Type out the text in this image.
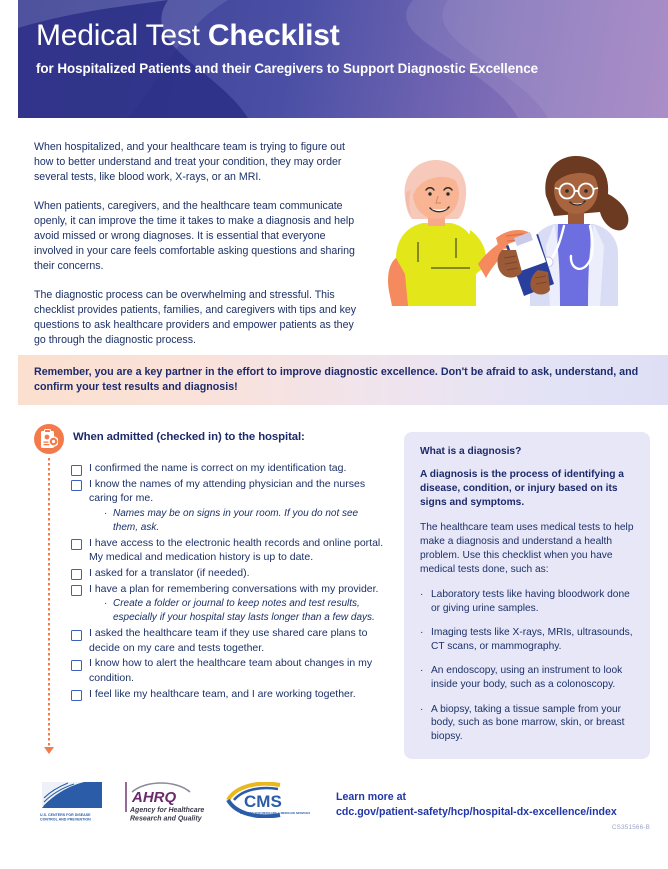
Medical Test Checklist
for Hospitalized Patients and their Caregivers to Support Diagnostic Excellence

When hospitalized, and your healthcare team is trying to figure out how to better understand and treat your condition, they may order several tests, like blood work, X-rays, or an MRI.

When patients, caregivers, and the healthcare team communicate openly, it can improve the time it takes to make a diagnosis and help avoid missed or wrong diagnoses. It is essential that everyone involved in your care feels comfortable asking questions and sharing their concerns.

The diagnostic process can be overwhelming and stressful. This checklist provides patients, families, and caregivers with tips and key questions to ask healthcare providers and empower patients as they go through the diagnostic process.

Remember, you are a key partner in the effort to improve diagnostic excellence. Don't be afraid to ask, understand, and confirm your test results and diagnosis!
When admitted (checked in) to the hospital:
I confirmed the name is correct on my identification tag.
I know the names of my attending physician and the nurses caring for me.
· Names may be on signs in your room. If you do not see them, ask.
I have access to the electronic health records and online portal. My medical and medication history is up to date.
I asked for a translator (if needed).
I have a plan for remembering conversations with my provider.
· Create a folder or journal to keep notes and test results, especially if your hospital stay lasts longer than a few days.
I asked the healthcare team if they use shared care plans to decide on my care and tests together.
I know how to alert the healthcare team about changes in my condition.
I feel like my healthcare team, and I are working together.
What is a diagnosis?
A diagnosis is the process of identifying a disease, condition, or injury based on its signs and symptoms.
The healthcare team uses medical tests to help make a diagnosis and understand a health problem. Use this checklist when you have medical tests done, such as:
· Laboratory tests like having bloodwork done or giving urine samples.
· Imaging tests like X-rays, MRIs, ultrasounds, CT scans, or mammography.
· An endoscopy, using an instrument to look inside your body, such as a colonoscopy.
· A biopsy, taking a tissue sample from your body, such as bone marrow, skin, or breast biopsy.
CDC
U.S. CENTERS FOR DISEASE
CONTROL AND PREVENTION
AHRQ
Agency for Healthcare
Research and Quality
CMS
CENTERS FOR MEDICARE & MEDICAID SERVICES
Learn more at
cdc.gov/patient-safety/hcp/hospital-dx-excellence/index
CS351566-B
